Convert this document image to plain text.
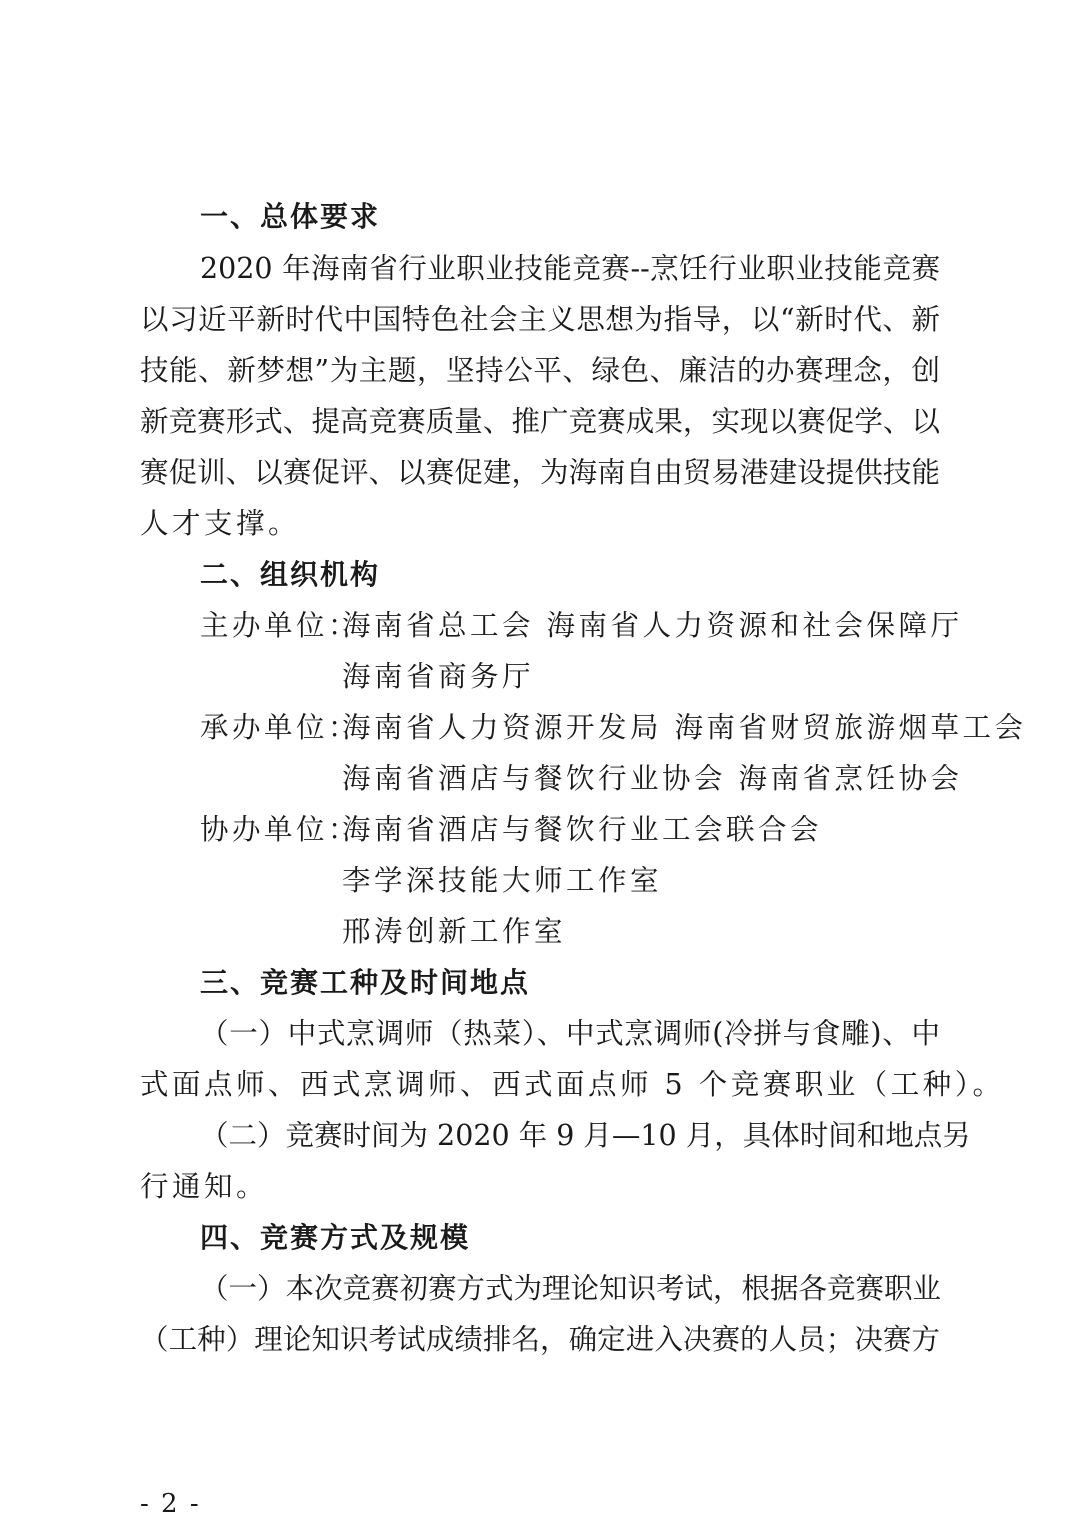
一、总体要求
2020 年海南省行业职业技能竞赛--烹饪行业职业技能竞赛
以习近平新时代中国特色社会主义思想为指导，以“新时代、新
技能、新梦想”为主题，坚持公平、绿色、廉洁的办赛理念，创
新竞赛形式、提高竞赛质量、推广竞赛成果，实现以赛促学、以
赛促训、以赛促评、以赛促建，为海南自由贸易港建设提供技能
人才支撑。
二、组织机构
主办单位：
海南省总工会 海南省人力资源和社会保障厅
海南省商务厅
承办单位：
海南省人力资源开发局 海南省财贸旅游烟草工会
海南省酒店与餐饮行业协会 海南省烹饪协会
协办单位：
海南省酒店与餐饮行业工会联合会
李学深技能大师工作室
邢涛创新工作室
三、竞赛工种及时间地点
（一）中式烹调师（热菜）、中式烹调师(冷拼与食雕)、中
式面点师、西式烹调师、西式面点师 5 个竞赛职业（工种）。
（二）竞赛时间为 2020 年 9 月—10 月，具体时间和地点另
行通知。
四、竞赛方式及规模
（一）本次竞赛初赛方式为理论知识考试，根据各竞赛职业
（工种）理论知识考试成绩排名，确定进入决赛的人员；决赛方
- 2 -
